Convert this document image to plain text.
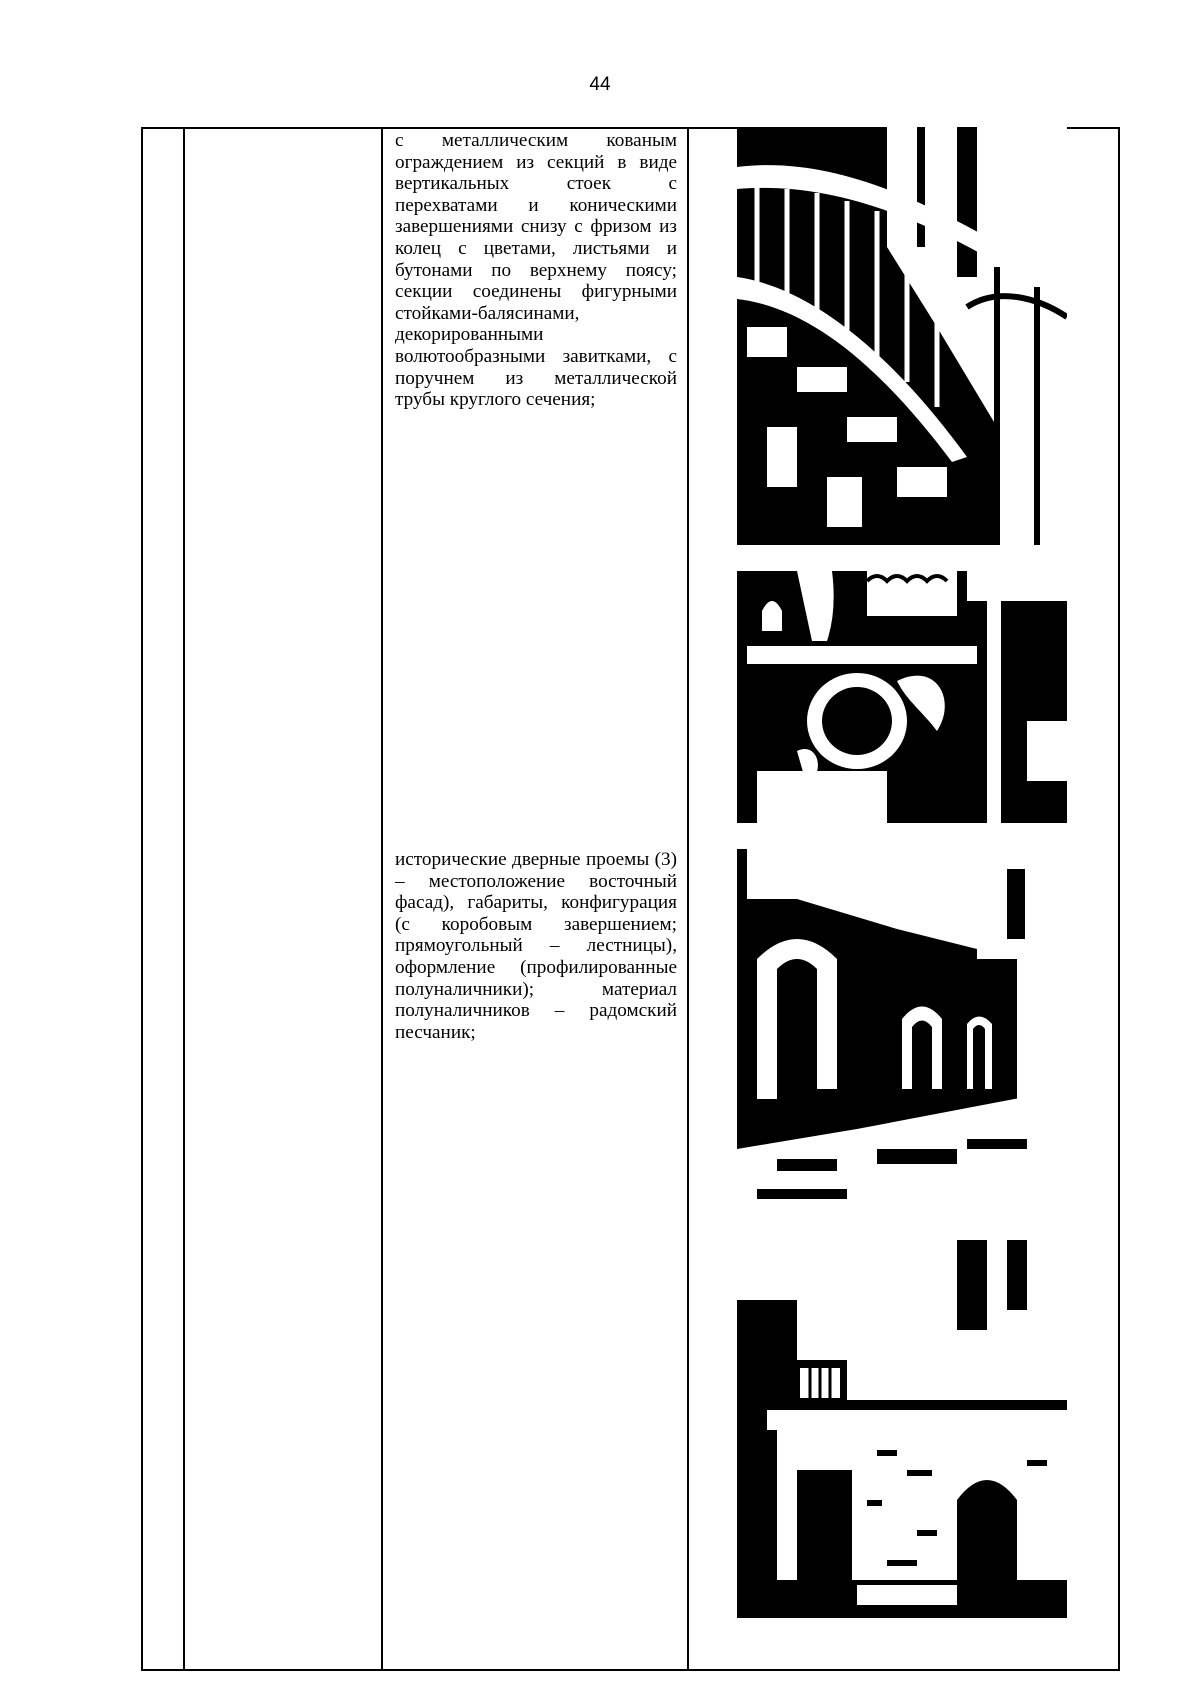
44
с металлическим кованым ограждением из секций в виде вертикальных стоек с перехватами и коническими завершениями снизу с фризом из колец с цветами, листьями и бутонами по верхнему поясу; секции соединены фигурными стойками-балясинами, декорированными волютообразными завитками, с поручнем из металлической трубы круглого сечения;
исторические дверные проемы (3) – местоположение восточный фасад), габариты, конфигурация (с коробовым завершением; прямоугольный – лестницы), оформление (профилированные полуналичники); материал полуналичников – радомский песчаник;
